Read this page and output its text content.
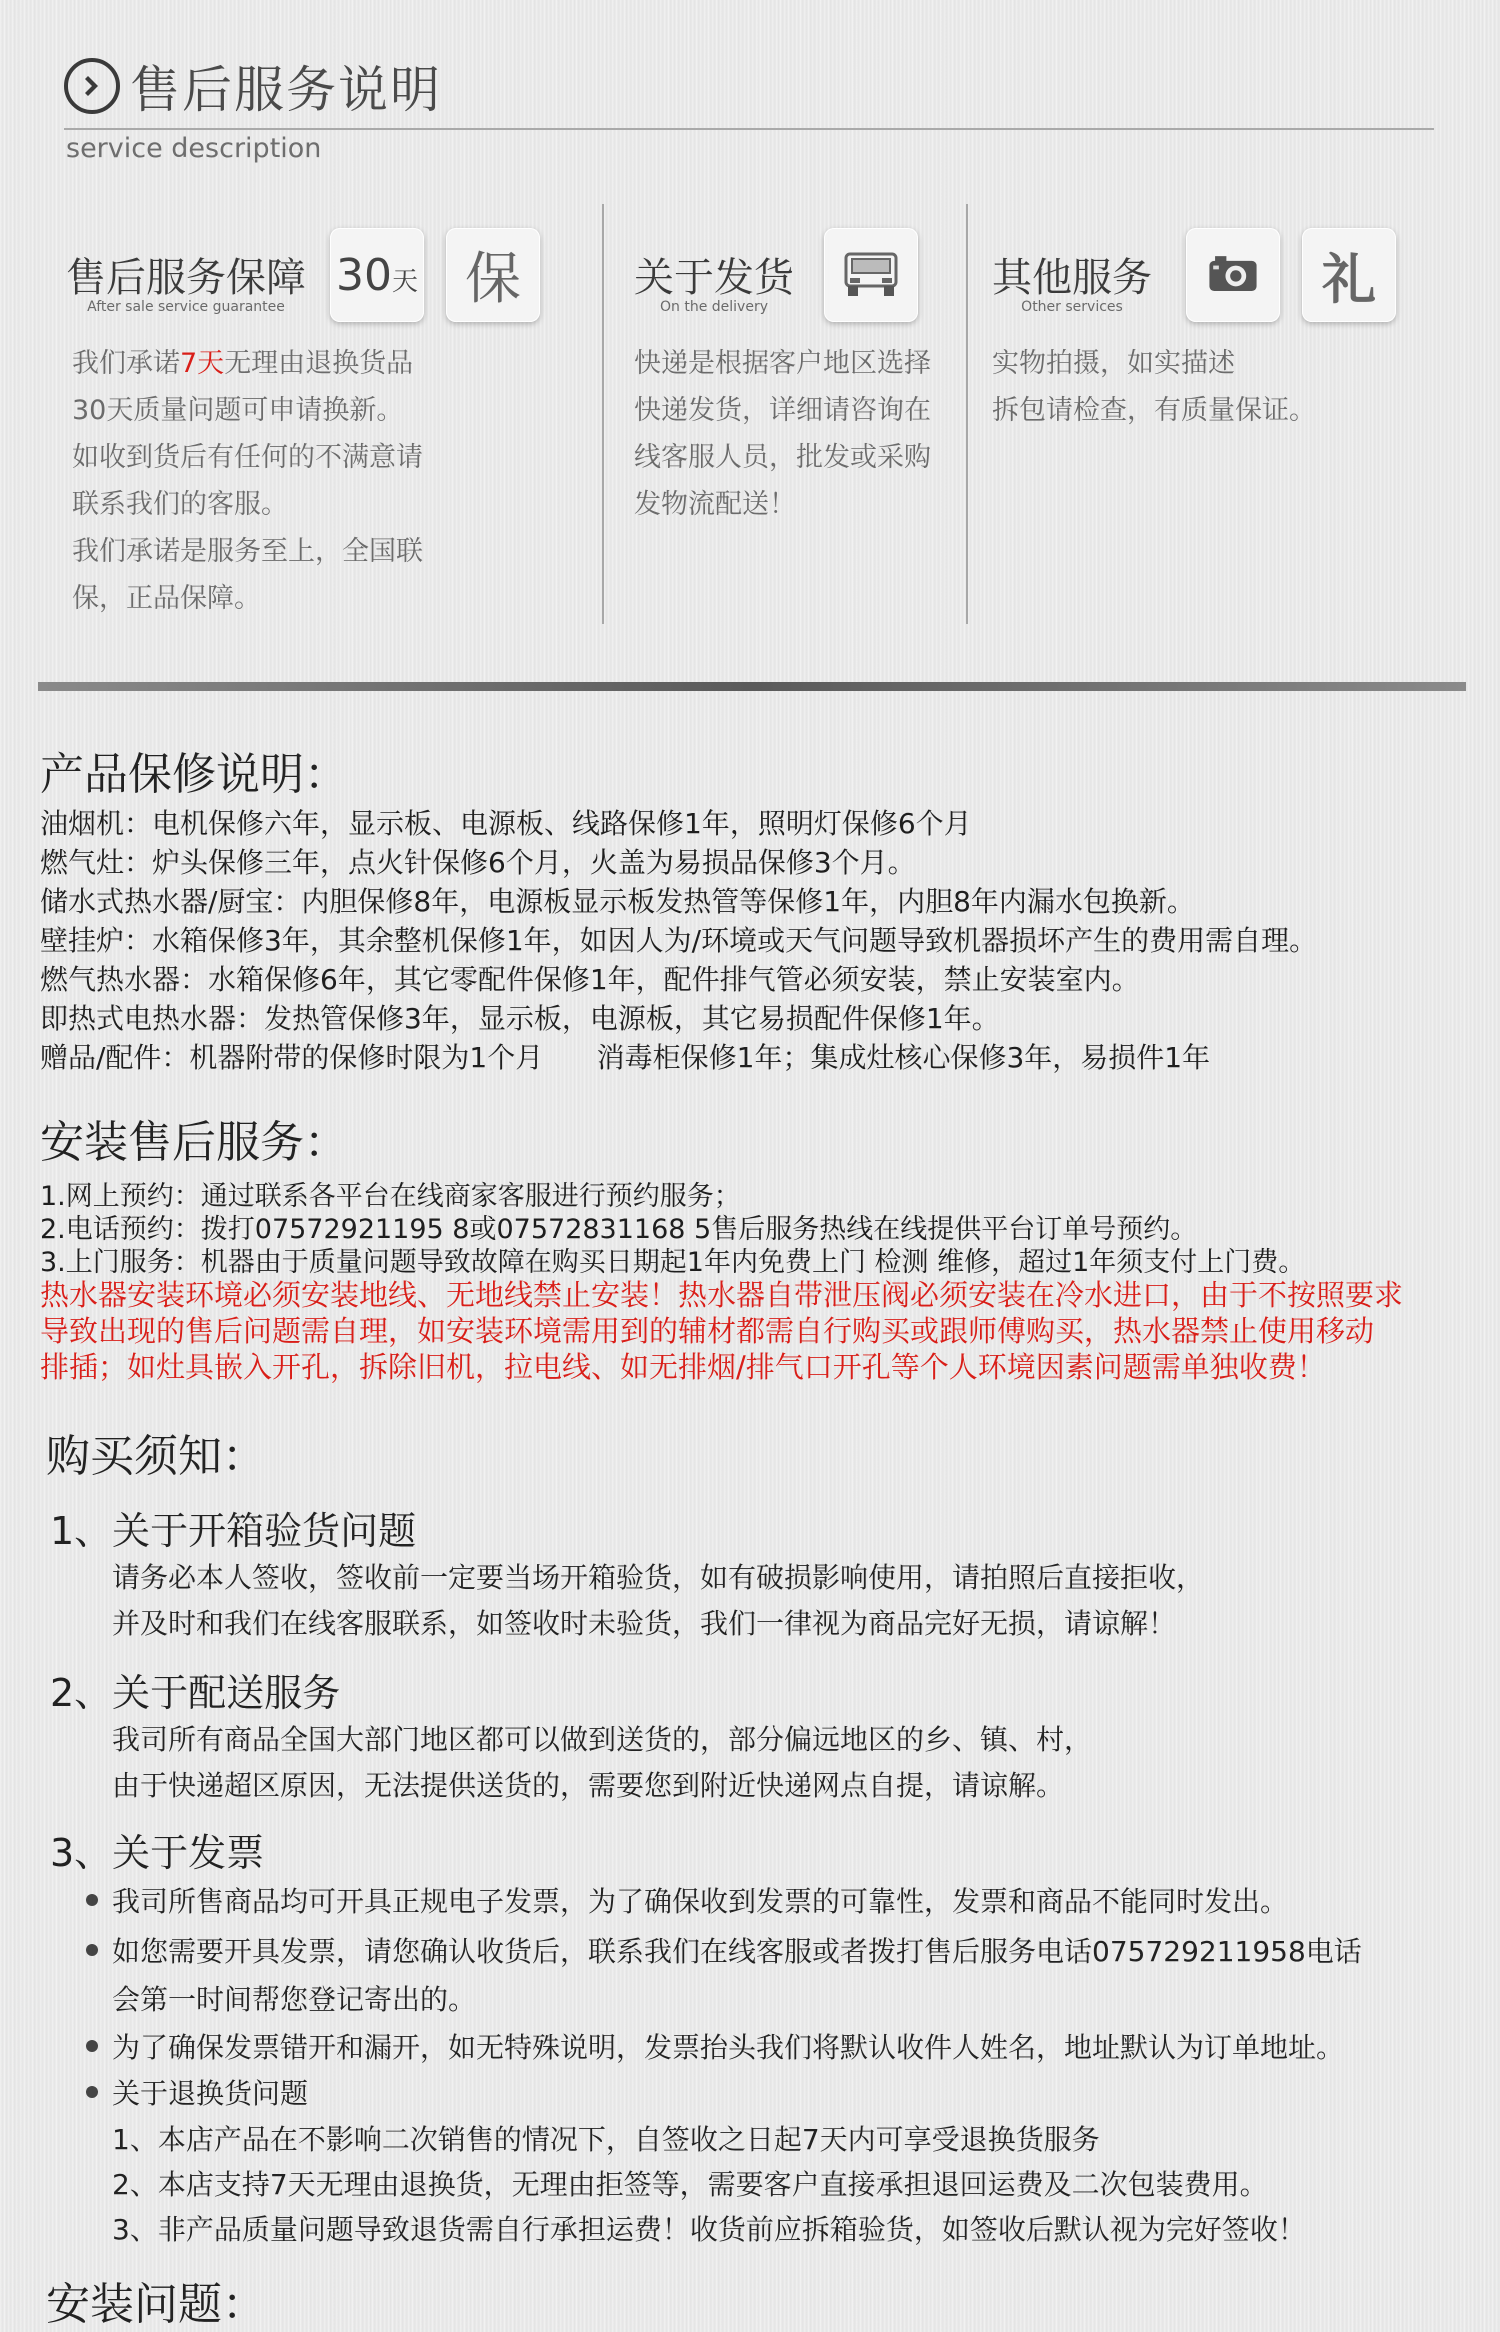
售后服务说明
service description
售后服务保障
After sale service guarantee
30 天 保
我们承诺7天无理由退换货品
30天质量问题可申请换新。
如收到货后有任何的不满意请
联系我们的客服。
我们承诺是服务至上，全国联
保，正品保障。
关于发货
On the delivery
快递是根据客户地区选择
快递发货，详细请咨询在
线客服人员，批发或采购
发物流配送！
其他服务
Other services	礼
实物拍摄，如实描述
拆包请检查，有质量保证。
产品保修说明：
油烟机：电机保修六年，显示板、电源板、线路保修1年，照明灯保修6个月
燃气灶：炉头保修三年，点火针保修6个月，火盖为易损品保修3个月。
储水式热水器/厨宝：内胆保修8年，电源板显示板发热管等保修1年，内胆8年内漏水包换新。
壁挂炉：水箱保修3年，其余整机保修1年，如因人为/环境或天气问题导致机器损坏产生的费用需自理。
燃气热水器：水箱保修6年，其它零配件保修1年，配件排气管必须安装，禁止安装室内。
即热式电热水器：发热管保修3年，显示板，电源板，其它易损配件保修1年。
赠品/配件：机器附带的保修时限为1个月      消毒柜保修1年；集成灶核心保修3年，易损件1年
安装售后服务：
1.网上预约：通过联系各平台在线商家客服进行预约服务；
2.电话预约：拨打07572921195 8或07572831168 5售后服务热线在线提供平台订单号预约。
3.上门服务：机器由于质量问题导致故障在购买日期起1年内免费上门 检测 维修，超过1年须支付上门费。
热水器安装环境必须安装地线、无地线禁止安装！热水器自带泄压阀必须安装在冷水进口，由于不按照要求
导致出现的售后问题需自理，如安装环境需用到的辅材都需自行购买或跟师傅购买，热水器禁止使用移动
排插；如灶具嵌入开孔，拆除旧机，拉电线、如无排烟/排气口开孔等个人环境因素问题需单独收费！
购买须知：
1、关于开箱验货问题
请务必本人签收，签收前一定要当场开箱验货，如有破损影响使用，请拍照后直接拒收，
并及时和我们在线客服联系，如签收时未验货，我们一律视为商品完好无损，请谅解！
2、关于配送服务
我司所有商品全国大部门地区都可以做到送货的，部分偏远地区的乡、镇、村，
由于快递超区原因，无法提供送货的，需要您到附近快递网点自提，请谅解。
3、关于发票
我司所售商品均可开具正规电子发票，为了确保收到发票的可靠性，发票和商品不能同时发出。
如您需要开具发票，请您确认收货后，联系我们在线客服或者拨打售后服务电话075729211958电话
会第一时间帮您登记寄出的。
为了确保发票错开和漏开，如无特殊说明，发票抬头我们将默认收件人姓名，地址默认为订单地址。
关于退换货问题
1、本店产品在不影响二次销售的情况下，自签收之日起7天内可享受退换货服务
2、本店支持7天无理由退换货，无理由拒签等，需要客户直接承担退回运费及二次包装费用。
3、非产品质量问题导致退货需自行承担运费！收货前应拆箱验货，如签收后默认视为完好签收！
安装问题：
